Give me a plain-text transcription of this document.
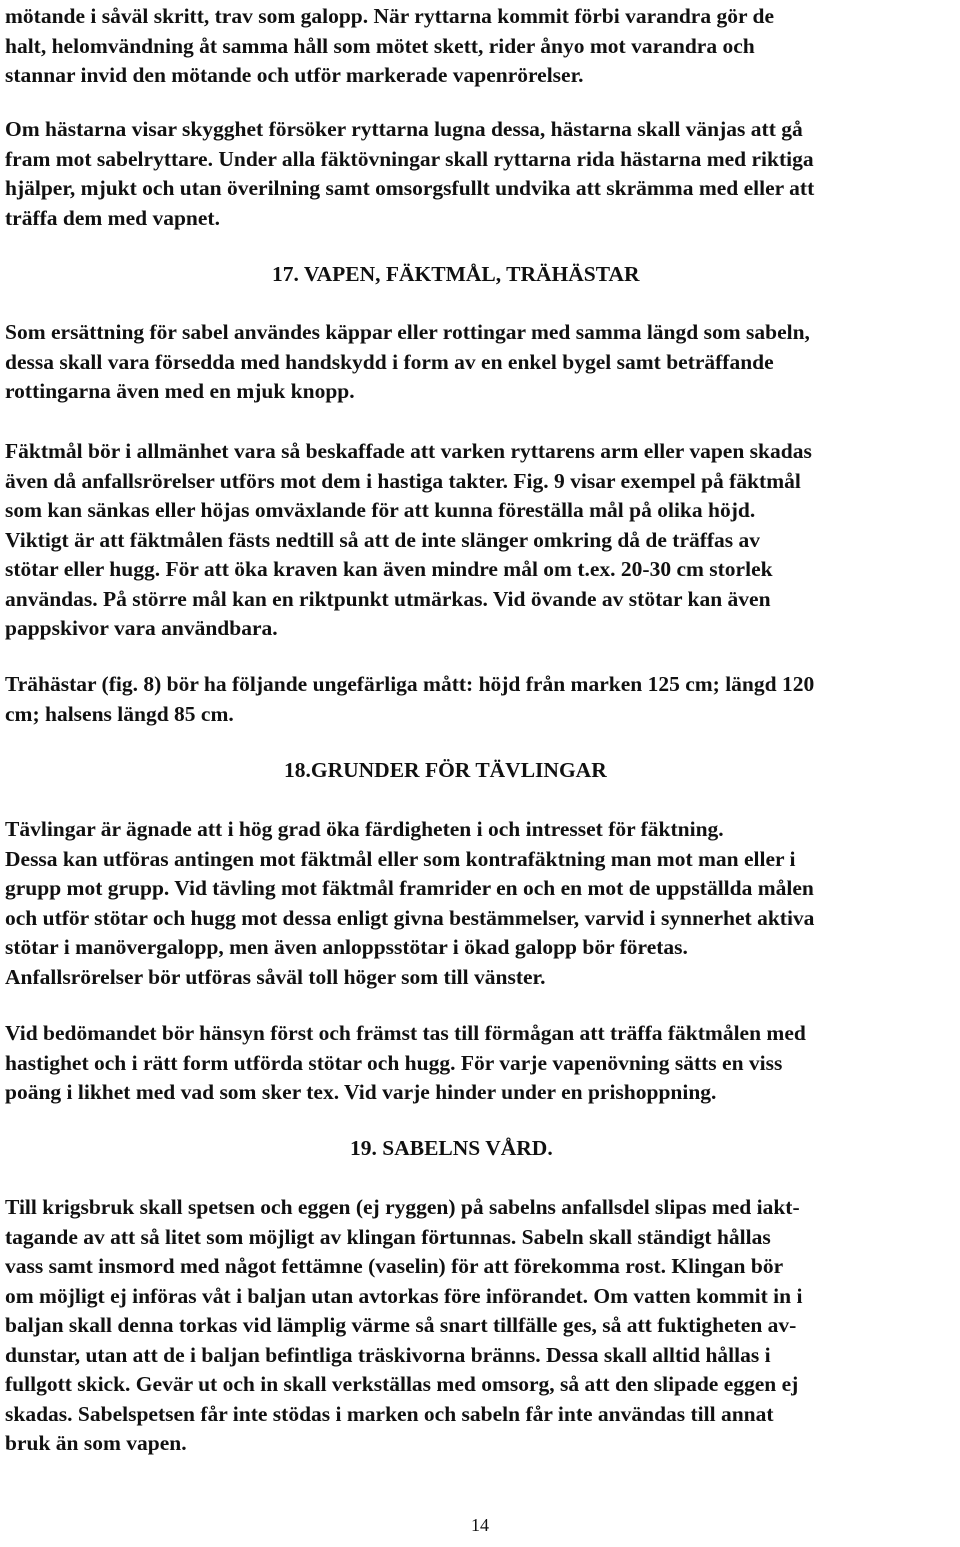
mötande i såväl skritt, trav som galopp. När ryttarna kommit förbi varandra gör de
halt, helomvändning åt samma håll som mötet skett, rider ånyo mot varandra och
stannar invid den mötande och utför markerade vapenrörelser.
Om hästarna visar skygghet försöker ryttarna lugna dessa, hästarna skall vänjas att gå
fram mot sabelryttare. Under alla fäktövningar skall ryttarna rida hästarna med riktiga
hjälper, mjukt och utan överilning samt omsorgsfullt undvika att skrämma med eller att
träffa dem med vapnet.
17. VAPEN, FÄKTMÅL, TRÄHÄSTAR
Som ersättning för sabel användes käppar eller rottingar med samma längd som sabeln,
dessa skall vara försedda med handskydd i form av en enkel bygel samt beträffande
rottingarna även med en mjuk knopp.
Fäktmål bör i allmänhet vara så beskaffade att varken ryttarens arm eller vapen skadas
även då anfallsrörelser utförs mot dem i hastiga takter. Fig. 9 visar exempel på fäktmål
som kan sänkas eller höjas omväxlande för att kunna föreställa mål på olika höjd.
Viktigt är att fäktmålen fästs nedtill så att de inte slänger omkring då de träffas av
stötar eller hugg. För att öka kraven kan även mindre mål om t.ex. 20-30 cm storlek
användas. På större mål kan en riktpunkt utmärkas. Vid övande av stötar kan även
pappskivor vara användbara.
Trähästar (fig. 8) bör ha följande ungefärliga mått: höjd från marken 125 cm; längd 120
cm; halsens längd 85 cm.
18.GRUNDER FÖR TÄVLINGAR
Tävlingar är ägnade att i hög grad öka färdigheten i och intresset för fäktning.
Dessa kan utföras antingen mot fäktmål eller som kontrafäktning man mot man eller i
grupp mot grupp. Vid tävling mot fäktmål framrider en och en mot de uppställda målen
och utför stötar och hugg mot dessa enligt givna bestämmelser, varvid i synnerhet aktiva
stötar i manövergalopp, men även anloppsstötar i ökad galopp bör företas.
Anfallsrörelser bör utföras såväl toll höger som till vänster.
Vid bedömandet bör hänsyn först och främst tas till förmågan att träffa fäktmålen med
hastighet och i rätt form utförda stötar och hugg. För varje vapenövning sätts en viss
poäng i likhet med vad som sker tex. Vid varje hinder under en prishoppning.
19. SABELNS VÅRD.
Till krigsbruk skall spetsen och eggen (ej ryggen) på sabelns anfallsdel slipas med iakt-
tagande av att så litet som möjligt av klingan förtunnas. Sabeln skall ständigt hållas
vass samt insmord med något fettämne (vaselin) för att förekomma rost. Klingan bör
om möjligt ej införas våt i baljan utan avtorkas före införandet. Om vatten kommit in i
baljan skall denna torkas vid lämplig värme så snart tillfälle ges, så att fuktigheten av-
dunstar, utan att de i baljan befintliga träskivorna bränns. Dessa skall alltid hållas i
fullgott skick. Gevär ut och in skall verkställas med omsorg, så att den slipade eggen ej
skadas. Sabelspetsen får inte stödas i marken och sabeln får inte användas till annat
bruk än som vapen.
14
